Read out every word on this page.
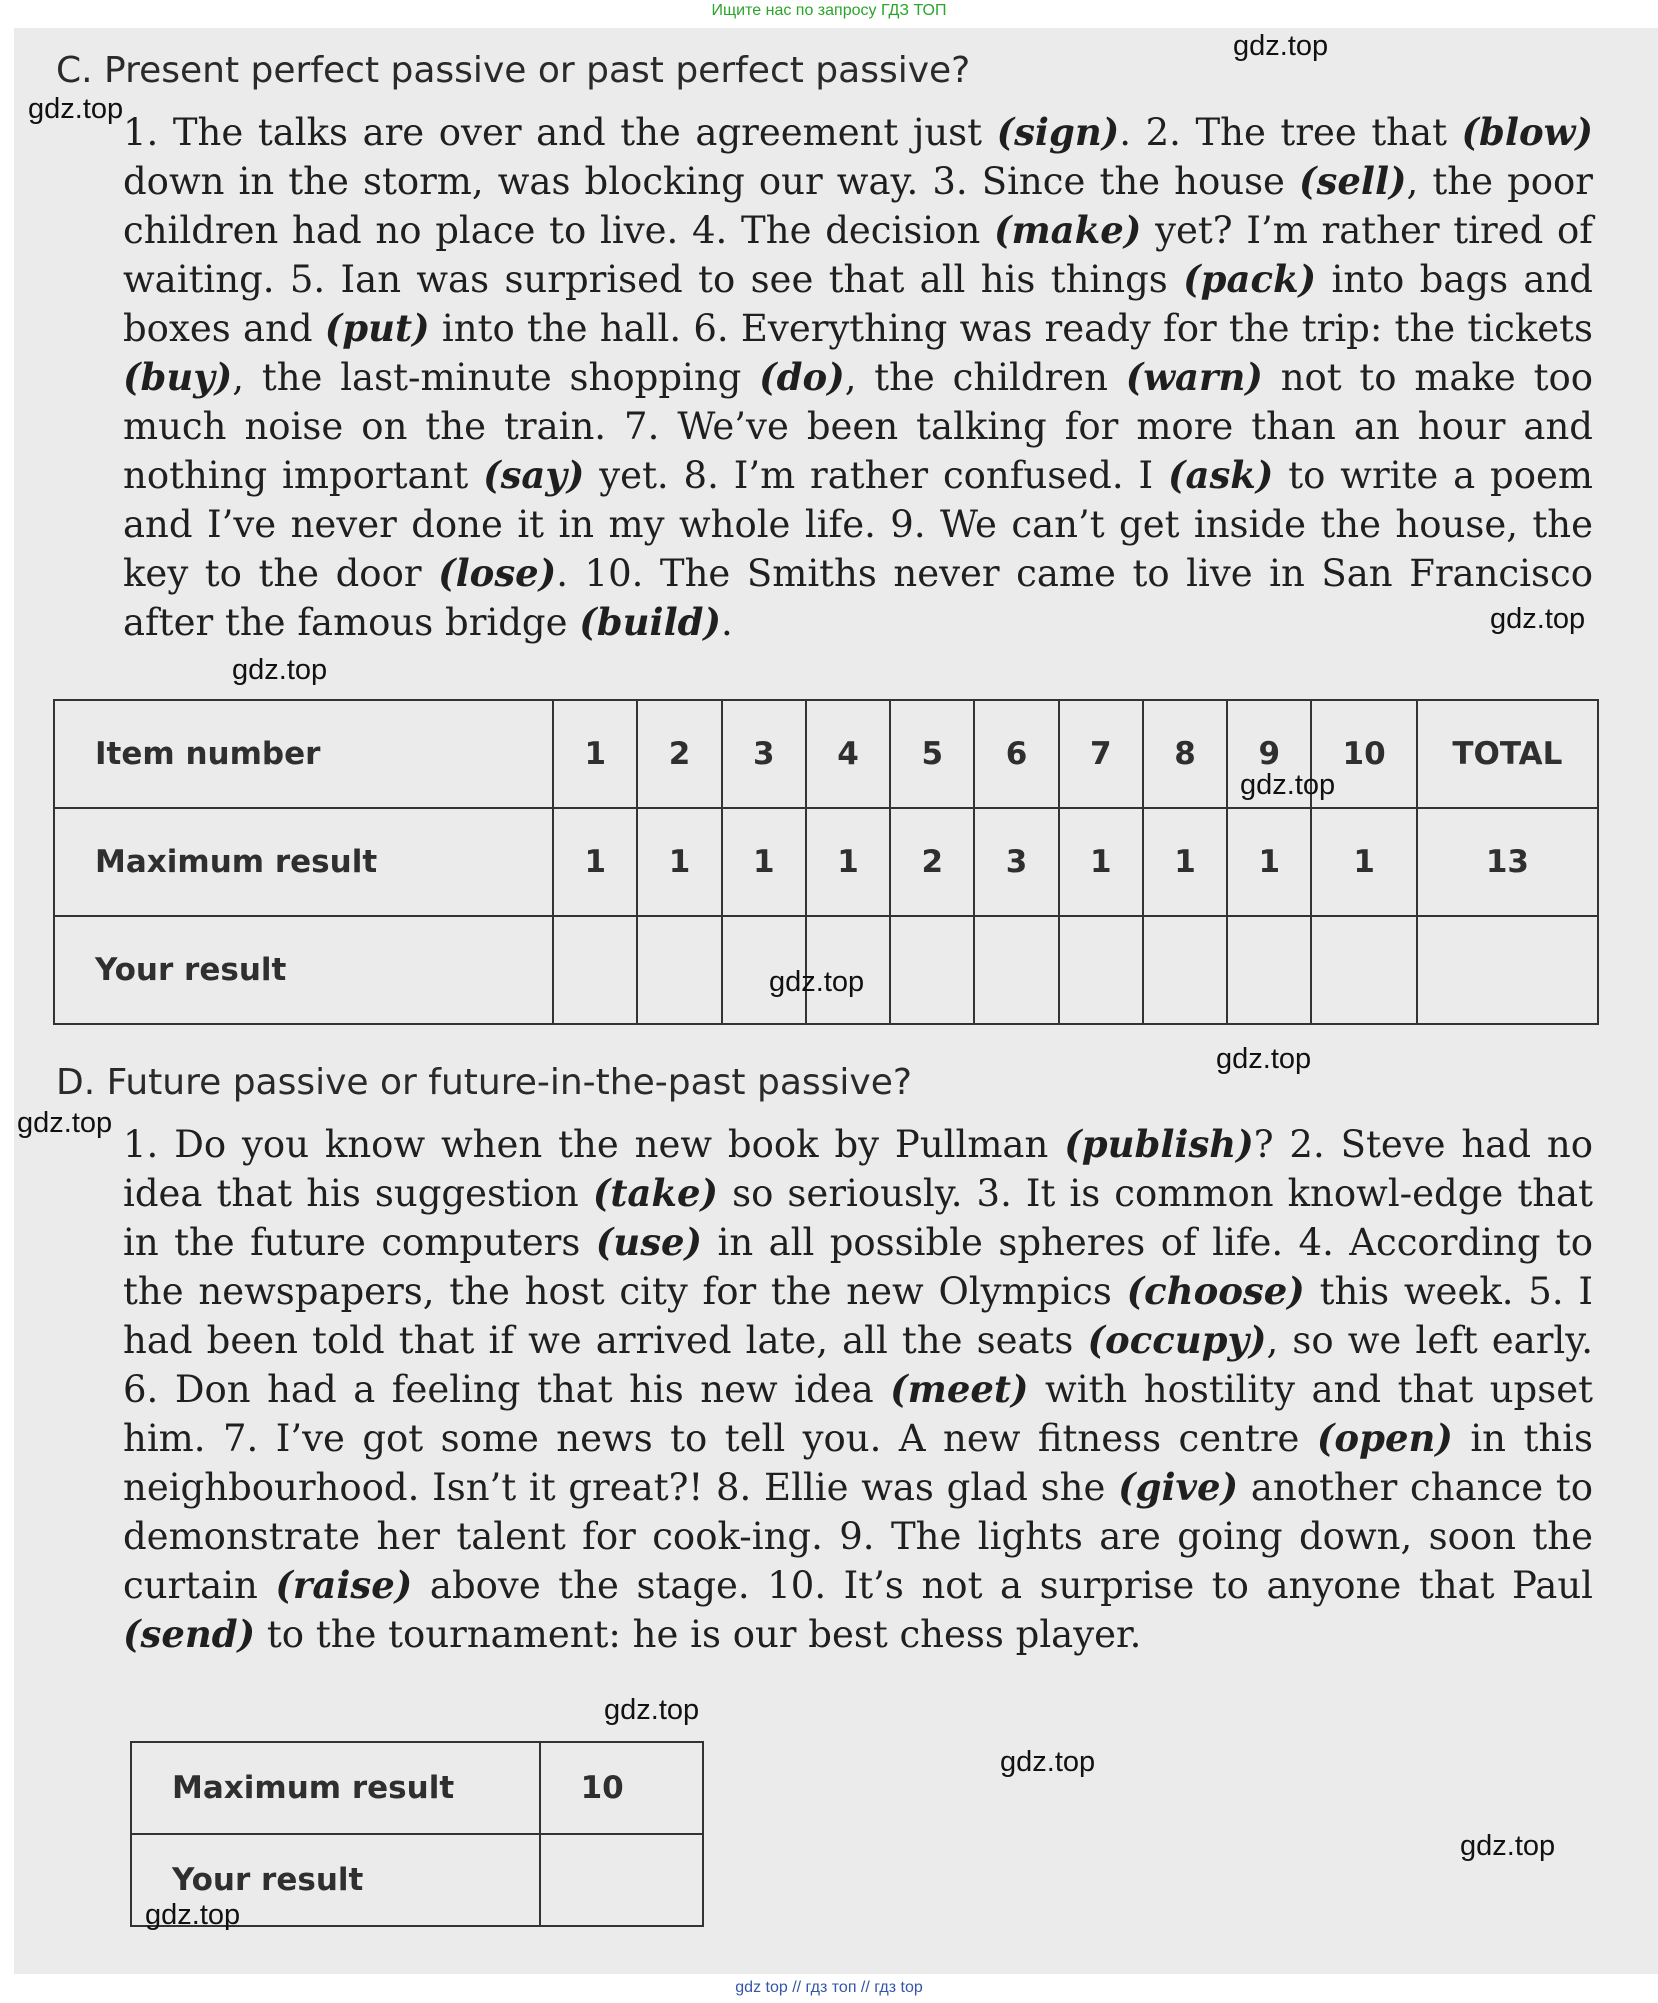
Ищите нас по запросу ГДЗ ТОП
C. Present perfect passive or past perfect passive?
1. The talks are over and the agreement just (sign). 2. The tree that (blow) down in the storm, was blocking our way. 3. Since the house (sell), the poor children had no place to live. 4. The decision (make) yet? I’m rather tired of waiting. 5. Ian was surprised to see that all his things (pack) into bags and boxes and (put) into the hall. 6. Everything was ready for the trip: the tickets (buy), the last-minute shopping (do), the children (warn) not to make too much noise on the train. 7. We’ve been talking for more than an hour and nothing important (say) yet. 8. I’m rather confused. I (ask) to write a poem and I’ve never done it in my whole life. 9. We can’t get inside the house, the key to the door (lose). 10. The Smiths never came to live in San Francisco after the famous bridge (build).
Item number	1	2	3	4	5	6	7	8	9	10	TOTAL
Maximum result	1	1	1	1	2	3	1	1	1	1	13
Your result											
D. Future passive or future-in-the-past passive?
1. Do you know when the new book by Pullman (publish)? 2. Steve had no idea that his suggestion (take) so seriously. 3. It is common knowl-edge that in the future computers (use) in all possible spheres of life. 4. According to the newspapers, the host city for the new Olympics (choose) this week. 5. I had been told that if we arrived late, all the seats (occupy), so we left early. 6. Don had a feeling that his new idea (meet) with hostility and that upset him. 7. I’ve got some news to tell you. A new fitness centre (open) in this neighbourhood. Isn’t it great?! 8. Ellie was glad she (give) another chance to demonstrate her talent for cook-ing. 9. The lights are going down, soon the curtain (raise) above the stage. 10. It’s not a surprise to anyone that Paul (send) to the tournament: he is our best chess player.
Maximum result	10
Your result	
gdz.top
gdz.top
gdz.top
gdz.top
gdz.top
gdz.top
gdz.top
gdz.top
gdz.top
gdz.top
gdz.top
gdz.top
gdz top // гдз топ // гдз top
